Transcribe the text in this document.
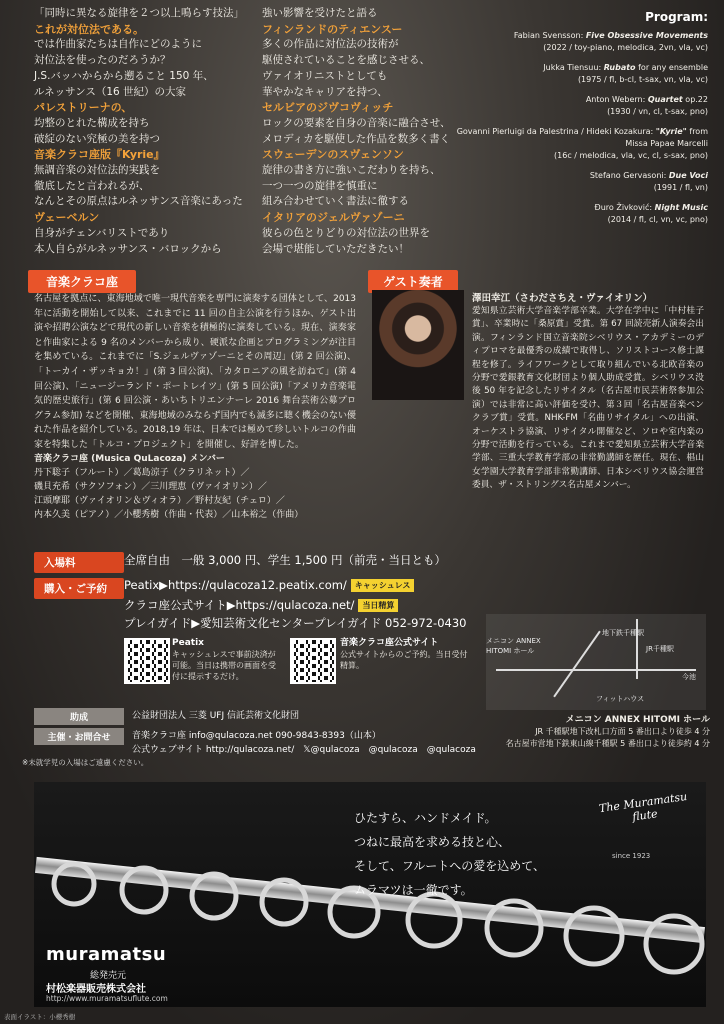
「同時に異なる旋律を２つ以上鳴らす技法」
これが対位法である。
では作曲家たちは自作にどのように
対位法を使ったのだろうか？
J.S.バッハからから遡ること 150 年、
ルネッサンス（16 世紀）の大家
パレストリーナの、
均整のとれた構成を持ち
破綻のない究極の美を持つ
音楽クラコ座版『Kyrie』
無調音楽の対位法的実践を
徹底したと言われるが、
なんとその原点はルネッサンス音楽にあった
ヴェーベルン
自身がチェンバリストであり
本人自らがルネッサンス・バロックから
強い影響を受けたと語る
フィンランドのティエンスー
多くの作品に対位法の技術が
駆使されていることを感じさせる、
ヴァイオリニストとしても
華やかなキャリアを持つ、
セルビアのジヴコヴィッチ
ロックの要素を自身の音楽に融合させ、
メロディカを駆使した作品を数多く書く
スウェーデンのスヴェンソン
旋律の書き方に強いこだわりを持ち、
一つ一つの旋律を慎重に
組み合わせていく書法に徹する
イタリアのジェルヴァゾーニ
彼らの色とりどりの対位法の世界を
会場で堪能していただきたい！
Program:
Fabian Svensson: Five Obsessive Movements
(2022 / toy-piano, melodica, 2vn, vla, vc)
Jukka Tiensuu: Rubato for any ensemble
(1975 / fl, b-cl, t-sax, vn, vla, vc)
Anton Webern: Quartet op.22
(1930 / vn, cl, t-sax, pno)
Govanni Pierluigi da Palestrina / Hideki Kozakura: "Kyrie" from Missa Papae Marcelli
(16c / melodica, vla, vc, cl, s-sax, pno)
Stefano Gervasoni: Due Voci
(1991 / fl, vn)
Đuro Živković: Night Music
(2014 / fl, cl, vn, vc, pno)
音楽クラコ座
名古屋を拠点に、東海地域で唯一現代音楽を専門に演奏する団体として、2013 年に活動を開始して以来、これまでに 11 回の自主公演を行うほか、ゲスト出演や招聘公演などで現代の新しい音楽を積極的に演奏している。現在、演奏家と作曲家による 9 名のメンバーから成り、硬派な企画とプログラミングが注目を集めている。これまでに「S.ジェルヴァゾーニとその周辺」(第 2 回公演)、「トーカイ・ザッキョカ！」(第 3 回公演)、「カタロニアの風を訪ねて」(第 4 回公演)、「ニュージーランド・ポートレイツ」(第 5 回公演)「アメリカ音楽電気的歴史旅行」(第 6 回公演・あいちトリエンナーレ 2016 舞台芸術公募プログラム参加) などを開催、東海地域のみならず国内でも滅多に聴く機会のない優れた作品を紹介している。2018,19 年は、日本では極めて珍しいトルコの作曲家を特集した「トルコ・プロジェクト」を開催し、好評を博した。
音楽クラコ座 (Musica QuLacoza) メンバー
丹下聡子（フルート）／葛島涼子（クラリネット）／
磯貝充希（サクソフォン）／三川理恵（ヴァイオリン）／
江頭摩耶（ヴァイオリン＆ヴィオラ）／野村友紀（チェロ）／
内本久美（ピアノ）／小櫻秀樹（作曲・代表）／山本裕之（作曲）
ゲスト奏者
澤田幸江（さわださちえ・ヴァイオリン）
愛知県立芸術大学音楽学部卒業。大学在学中に「中村桂子賞」、卒業時に「桑原賞」受賞。第 67 回読売新人演奏会出演。フィンランド国立音楽院シベリウス・アカデミーのディプロマを最優秀の成績で取得し、ソリストコース修士課程を修了。ライフワークとして取り組んでいる北欧音楽の分野で愛銀教育文化財団より個人助成受賞。シベリウス没後 50 年を記念したリサイタル（名古屋市民芸術祭参加公演）では非常に高い評価を受け、第３回「名古屋音楽ペンクラブ賞」受賞。NHK-FM「名曲リサイタル」への出演、オーケストラ協演、リサイタル開催など、ソロや室内楽の分野で活動を行っている。これまで愛知県立芸術大学音楽学部、三重大学教育学部の非常勤講師を歴任。現在、椙山女学園大学教育学部非常勤講師、日本シベリウス協会運営委員、ザ・ストリングス名古屋メンバー。
入場料	全席自由　一般 3,000 円、学生 1,500 円（前売・当日とも）
購入・ご予約	Peatix▶https://qulacoza12.peatix.com/ キャッシュレス
クラコ座公式サイト▶https://qulacoza.net/ 当日精算
プレイガイド▶愛知芸術文化センタープレイガイド 052-972-0430
Peatix
キャッシュレスで事前決済が可能。当日は携帯の画面を受付に提示するだけ。
音楽クラコ座公式サイト
公式サイトからのご予約。当日受付精算。
メニコン ANNEX HITOMI ホール
地下鉄千種駅
JR千種駅
今池
フィットハウス
メニコン ANNEX HITOMI ホール
JR 千種駅地下改札口方面 5 番出口より徒歩 4 分
名古屋市営地下鉄東山線千種駅 5 番出口より徒歩約 4 分
助成	公益財団法人 三菱 UFJ 信託芸術文化財団
主催・お問合せ	音楽クラコ座 info@qulacoza.net 090-9843-8393（山本）
公式ウェブサイト http://qulacoza.net/　𝕏@qulacoza　@qulacoza　@qulacoza
※未就学児の入場はご遠慮ください。
ひたすら、ハンドメイド。
つねに最高を求める技と心、
そして、フルートへの愛を込めて、
ムラマツは一徹です。
The Muramatsu flute
since 1923
muramatsu
総発売元
村松楽器販売株式会社
http://www.muramatsuflute.com
表面イラスト：小櫻秀樹
